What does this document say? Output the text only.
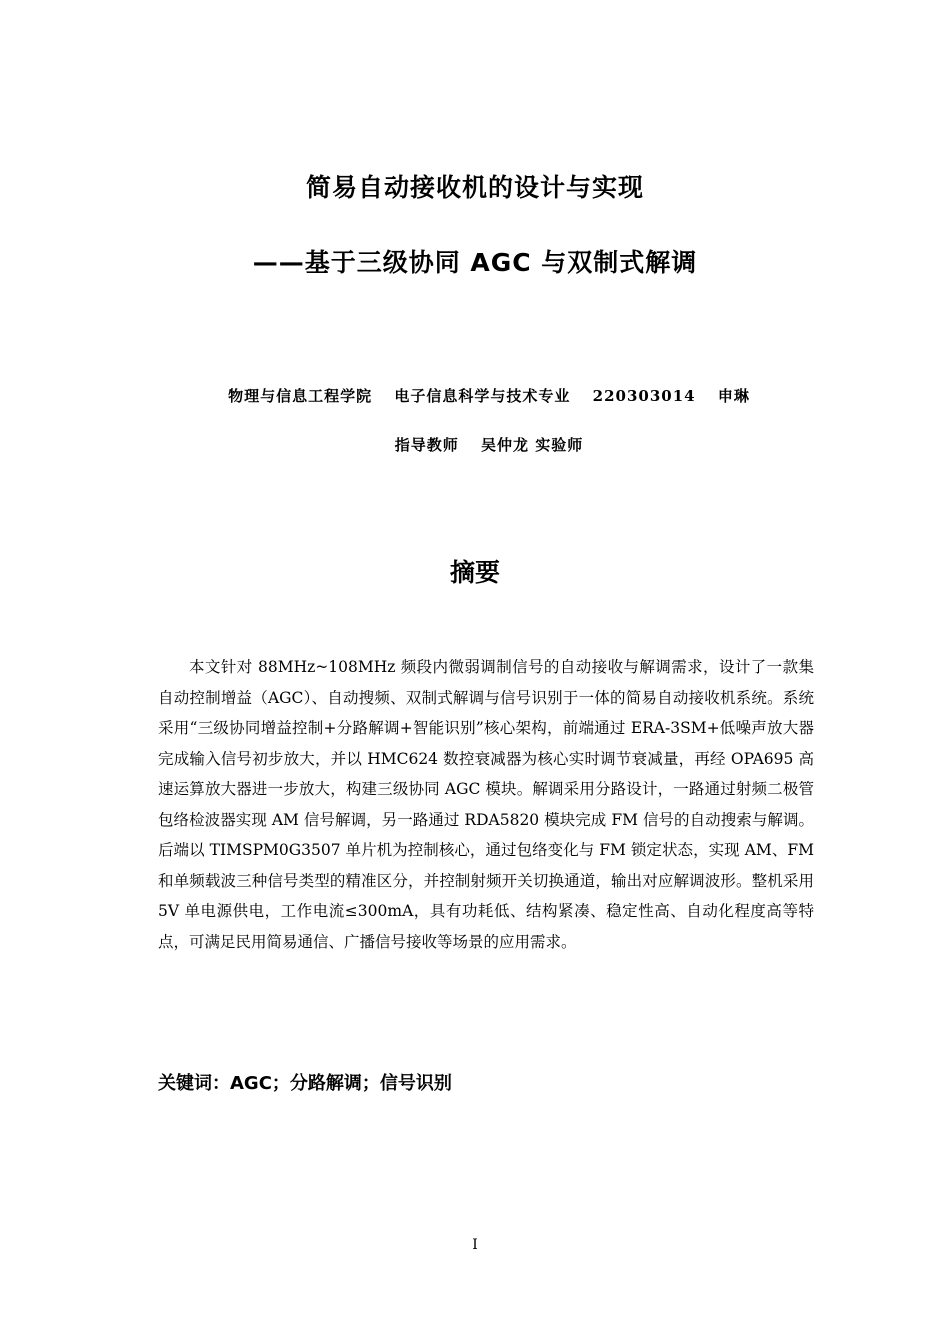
简易自动接收机的设计与实现
——基于三级协同 AGC 与双制式解调
物理与信息工程学院 电子信息科学与技术专业 220303014 申琳
指导教师 吴仲龙 实验师
摘要

本文针对 88MHz~108MHz 频段内微弱调制信号的自动接收与解调需求，设计了一款集自动控制增益（AGC）、自动搜频、双制式解调与信号识别于一体的简易自动接收机系统。系统采用“三级协同增益控制+分路解调+智能识别”核心架构，前端通过 ERA-3SM+低噪声放大器完成输入信号初步放大，并以 HMC624 数控衰减器为核心实时调节衰减量，再经 OPA695 高速运算放大器进一步放大，构建三级协同 AGC 模块。解调采用分路设计，一路通过射频二极管包络检波器实现 AM 信号解调，另一路通过 RDA5820 模块完成 FM 信号的自动搜索与解调。后端以 TIMSPM0G3507 单片机为控制核心，通过包络变化与 FM 锁定状态，实现 AM、FM 和单频载波三种信号类型的精准区分，并控制射频开关切换通道，输出对应解调波形。整机采用 5V 单电源供电，工作电流≤300mA，具有功耗低、结构紧凑、稳定性高、自动化程度高等特点，可满足民用简易通信、广播信号接收等场景的应用需求。

关键词：AGC；分路解调；信号识别
I
